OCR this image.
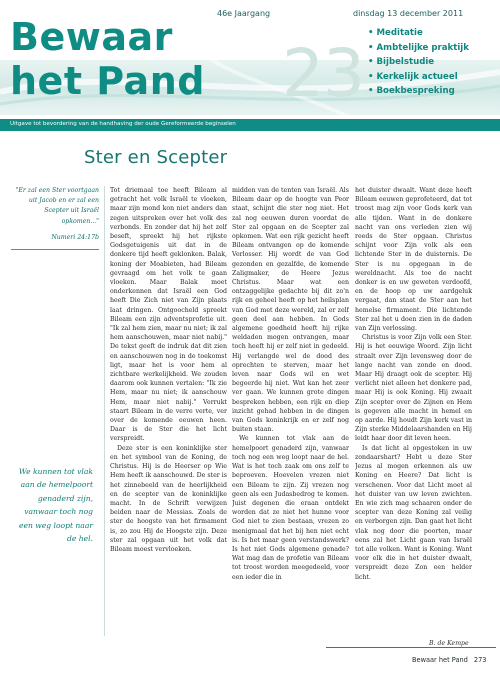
23
Bewaar
het Pand
46e Jaargang	dinsdag 13 december 2011
• Meditatie
• Ambtelijke praktijk
• Bijbelstudie
• Kerkelijk actueel
• Boekbespreking
Uitgave tot bevordering van de handhaving der oude Gereformeerde beginselen
Ster en Scepter
"Er zal een Ster voortgaan uit Jacob en er zal een Scepter uit Israël opkomen..."
Numeri 24:17b
We kunnen tot vlak aan de hemelpoort genaderd zijn, vanwaar toch nog een weg loopt naar de hel.

Tot driemaal toe heeft Bileam al getracht het volk Israël te vloeken, maar zijn mond kon niet anders dan zegen uitspreken over het volk des verbonds. En zonder dat hij het zelf beseft, spreekt hij het rijkste Godsgetuigenis uit dat in de donkere tijd heeft geklonken. Balak, koning der Moabieten, had Bileam gevraagd om het volk te gaan vloeken. Maar Balak moet onderkennen dat Israël een God heeft Die Zich niet van Zijn plaats laat dringen. Ontgoocheld spreekt Bileam een zijn adventsprofetie uit. "Ik zal hem zien, maar nu niet; ik zal hem aanschouwen, maar niet nabij." De tekst geeft de indruk dat dit zien en aanschouwen nog in de toekomst ligt, maar het is voor hem al zichtbare werkelijkheid. We zouden daarom ook kunnen vertalen: "Ik zie Hem, maar nu niet; ik aanschouw Hem, maar niet nabij." Verrukt staart Bileam in de verre verte, ver over de komende eeuwen heen. Daar is de Ster die het licht verspreidt.

Deze ster is een koninklijke ster en het symbool van de Koning, de Christus. Hij is de Heerser op Wie Hem heeft ik aanschouwd. De ster is het zinnebeeld van de heerlijkheid en de scepter van de koninklijke macht. In de Schrift verwijzen beiden naar de Messias. Zoals de ster de hoogste van het firmament is, zo zou Hij de Hoogste zijn. Deze ster zal opgaan uit het volk dat Bileam moest vervloeken.

midden van de tenten van Israël. Als Bileam daar op de hoogte van Peor staat, schijnt die ster nog niet. Het zal nog eeuwen duren voordat de Ster zal opgaan en de Scepter zal opkomen. Wat een rijk gezicht heeft Bileam ontvangen op de komende Verlosser. Hij wordt de van God gezonden en gezalfde, de komende Zaligmaker, de Heere Jezus Christus. Maar wat een ontzaggelijke gedachte bij dit zo'n rijk en geheel heeft op het heilsplan van God met deze wereld, zal er zelf geen deel aan hebben. In Gods algemene goedheid heeft hij rijke weldaden mogen ontvangen, maar toch heeft hij er zelf niet in gedeeld. Hij verlangde wel de dood des oprechten te sterven, maar het leven naar Gods wil en wet begeerde hij niet. Wat kan het zeer ver gaan. We kunnen grote dingen bespreken hebben, een rijk en diep inzicht gehad hebben in de dingen van Gods koninkrijk en er zelf nog buiten staan.

We kunnen tot vlak aan de hemelpoort genaderd zijn, vanwaar toch nog een weg loopt naar de hel. Wat is het toch zaak om ons zelf te beproeven. Hoevelen vrezen niet een Bileam te zijn. Zij vrezen nog geen als een Judasbedrog te komen. Juist degenen die eraan ontdekt worden dat ze niet het hunne voor God niet te zien bestaan, vrezen zo menigmaal dat het bij hen niet echt is. Is het maar geen verstandswerk? Is het niet Gods algemene genade? Wat mag dan de profetie van Bileam tot troost worden meegedeeld, voor een ieder die in

het duister dwaalt. Want deze heeft Bileam eeuwen geprofeteerd, dat tot troost mag zijn voor Gods kerk van alle tijden. Want in de donkere nacht van ons verleden zien wij reeds de Ster opgaan. Christus schijnt voor Zijn volk als een lichtende Ster in de duisternis. De Ster is nu opgegaan in de wereldnacht. Als toe de nacht donker is en uw geweten verdoofd, en de hoop op uw aardgeluk vergaat, dan staat de Ster aan het hemelse firmament. Die lichtende Ster zal het u doen zien in de daden van Zijn verlossing.

Christus is voor Zijn volk een Ster. Hij is het eeuwige Woord. Zijn licht straalt over Zijn levensweg door de lange nacht van zonde en dood. Maar Hij draagt ook de scepter. Hij verlicht niet alleen het donkere pad, maar Hij is ook Koning. Hij zwaait Zijn scepter over de Zijnen en Hem is gegeven alle macht in hemel en op aarde. Hij houdt Zijn kerk vast in Zijn sterke Middelaarshanden en Hij leidt haar door dit leven heen.

Is dat licht al opgestoken in uw zondaarshart? Hebt u deze Ster Jezus al mogen erkennen als uw Koning en Heere? Dat licht is verschenen. Voor dat Licht moet al het duister van uw leven zwichten. En wie zich mag schaaren onder de scepter van deze Koning zal veilig en verborgen zijn. Dan gaat het licht vlak nog door die poorten, maar eens zal het Licht gaan van Israël tot alle volken. Want is Koning. Want voor elk die in het duister dwaalt, verspreidt deze Zon een helder licht.

B. de Kempe
Bewaar het Pand 273
